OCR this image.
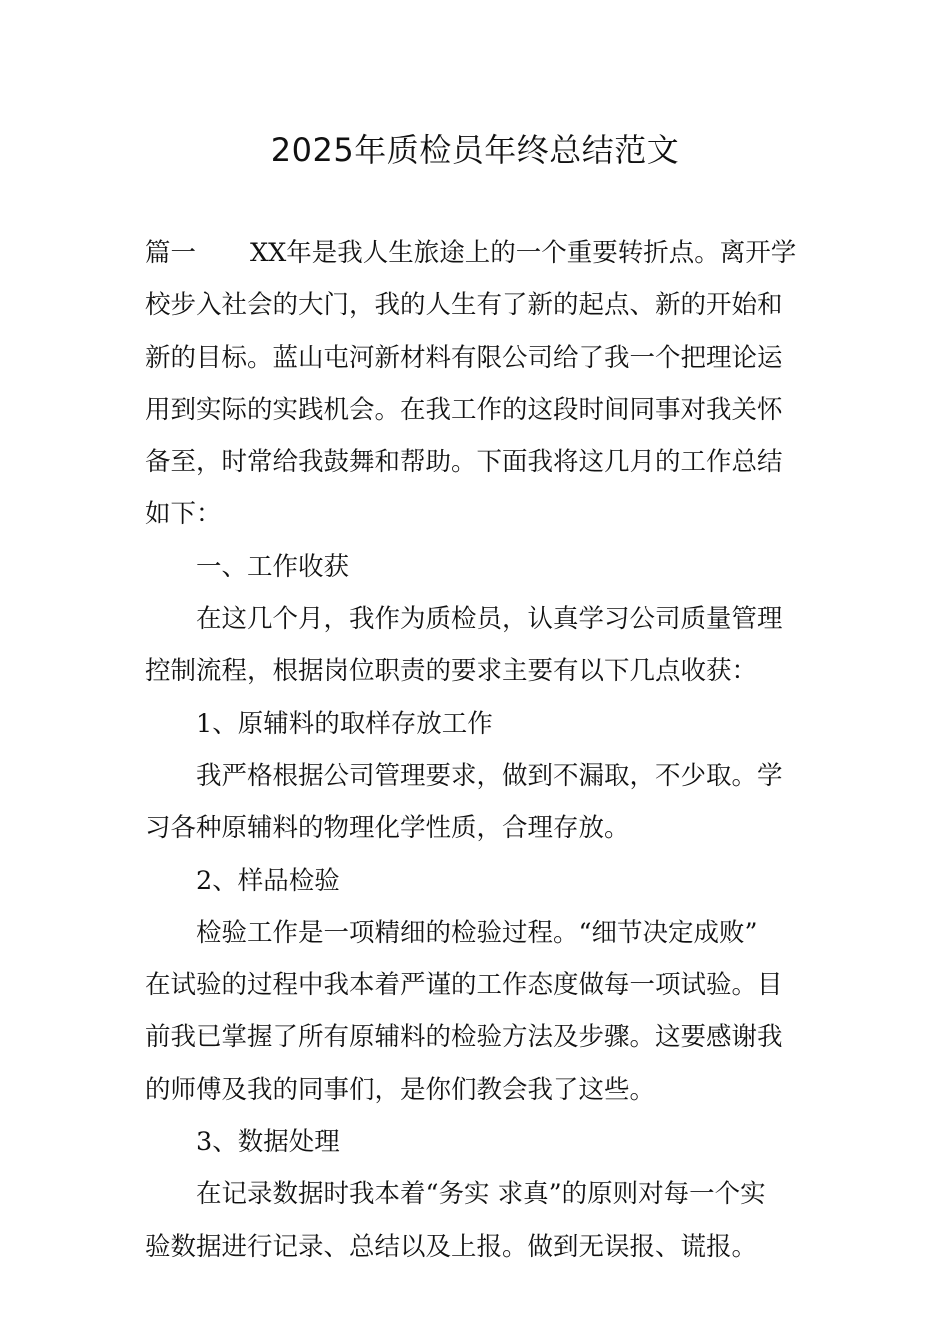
2025年质检员年终总结范文
篇一 XX年是我人生旅途上的一个重要转折点。离开学
校步入社会的大门，我的人生有了新的起点、新的开始和
新的目标。蓝山屯河新材料有限公司给了我一个把理论运
用到实际的实践机会。在我工作的这段时间同事对我关怀
备至，时常给我鼓舞和帮助。下面我将这几月的工作总结
如下：
一、工作收获
在这几个月，我作为质检员，认真学习公司质量管理
控制流程，根据岗位职责的要求主要有以下几点收获：
1、原辅料的取样存放工作
我严格根据公司管理要求，做到不漏取，不少取。学
习各种原辅料的物理化学性质，合理存放。
2、样品检验
检验工作是一项精细的检验过程。“细节决定成败”
在试验的过程中我本着严谨的工作态度做每一项试验。目
前我已掌握了所有原辅料的检验方法及步骤。这要感谢我
的师傅及我的同事们，是你们教会我了这些。
3、数据处理
在记录数据时我本着“务实 求真”的原则对每一个实
验数据进行记录、总结以及上报。做到无误报、谎报。
